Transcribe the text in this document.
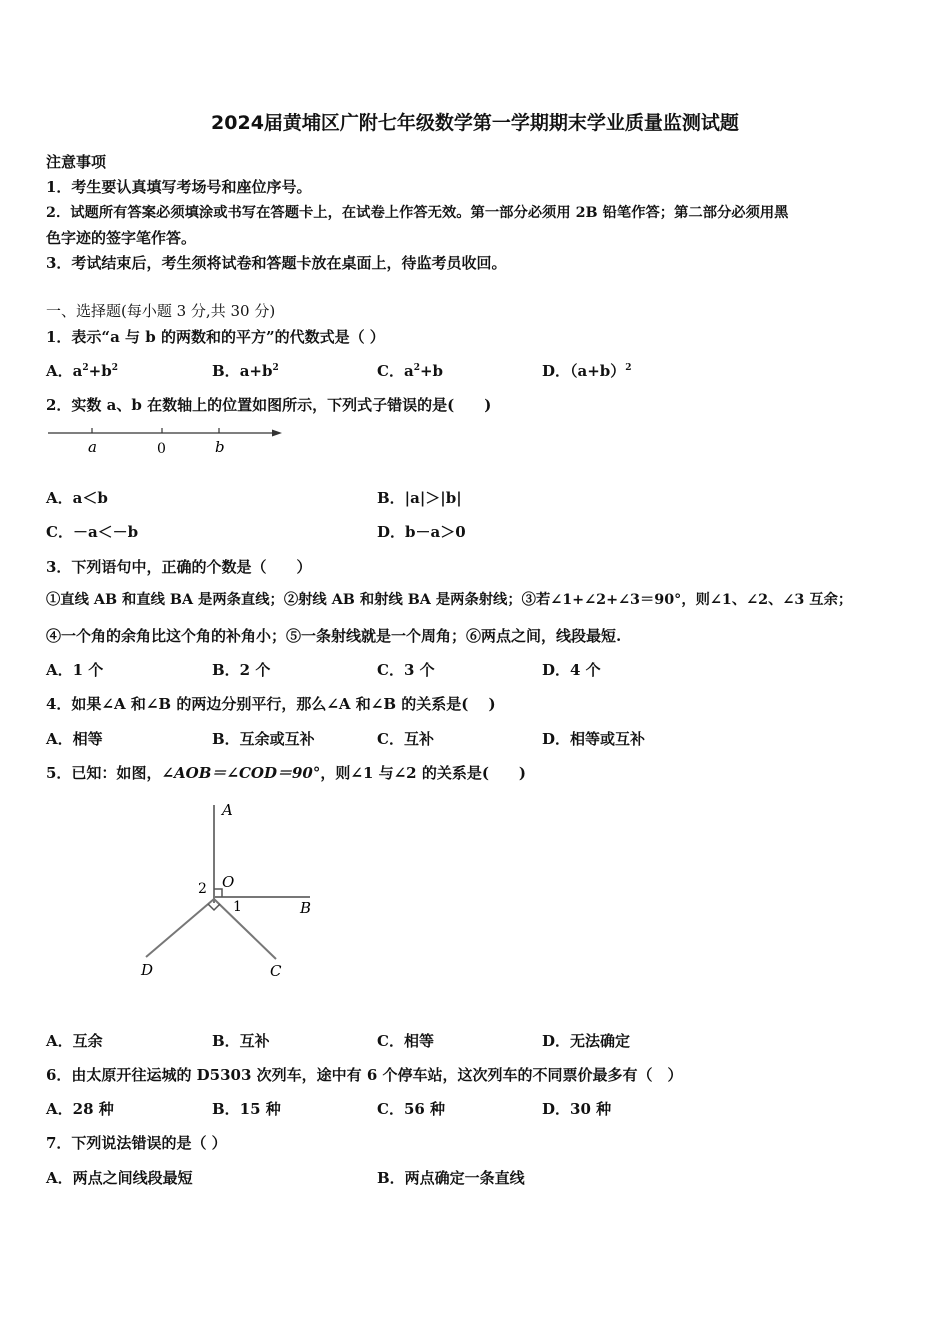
2024届黄埔区广附七年级数学第一学期期末学业质量监测试题
注意事项
1．考生要认真填写考场号和座位序号。
2．试题所有答案必须填涂或书写在答题卡上，在试卷上作答无效。第一部分必须用 2B 铅笔作答；第二部分必须用黑
色字迹的签字笔作答。
3．考试结束后，考生须将试卷和答题卡放在桌面上，待监考员收回。
一、选择题(每小题 3 分,共 30 分)
1．表示“a 与 b 的两数和的平方”的代数式是（ ）
A．$a^2+b^2$	B．$a+b^2$	C．$a^2+b$	D．$(a+b)^2$
2．实数 a、b 在数轴上的位置如图所示，下列式子错误的是(　　)
a	0	b
A．a＜b	B．|a|＞|b|
C．－a＜－b	D．b－a＞0
3．下列语句中，正确的个数是（　　）
①直线 AB 和直线 BA 是两条直线；②射线 AB 和射线 BA 是两条射线；③若∠1+∠2+∠3＝90°，则∠1、∠2、∠3 互余；
④一个角的余角比这个角的补角小；⑤一条射线就是一个周角；⑥两点之间，线段最短.
A．1 个	B．2 个	C．3 个	D．4 个
4．如果∠A 和∠B 的两边分别平行，那么∠A 和∠B 的关系是(　 )
A．相等	B．互余或互补	C．互补	D．相等或互补
5．已知：如图，∠AOB＝∠COD＝90°，则∠1 与∠2 的关系是(　　)
A
O
B
C
D
1
2
A．互余	B．互补	C．相等	D．无法确定
6．由太原开往运城的 D5303 次列车，途中有 6 个停车站，这次列车的不同票价最多有（　）
A．28 种	B．15 种	C．56 种	D．30 种
7．下列说法错误的是（ ）
A．两点之间线段最短	B．两点确定一条直线
